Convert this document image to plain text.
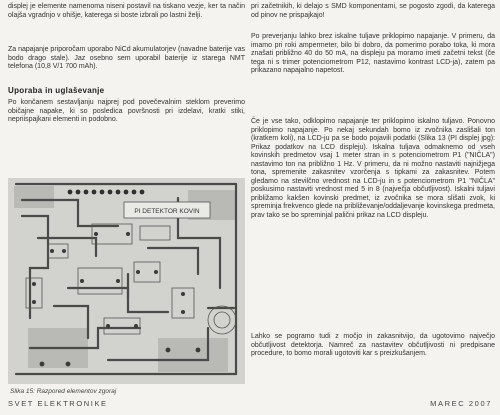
displej je elemente namenoma niseni postavil na tiskano vezje, ker ta način olajša vgradnjo v ohišje, katerega si boste izbrali po lastni želji.

Za napajanje priporočam uporabo NiCd akumulatorjev (navadne baterije vas bodo drago stale). Jaz osebno sem uporabil baterije iz starega NMT telefona (10,8 V/1 700 mAh).

Uporaba in uglaševanje

Po končanem sestavljanju najprej pod povečevalnim steklom preverimo običajne napake, ki so posledica površnosti pri izdelavi, kratki stiki, nepriispajkani elementi in podobno.

PI DETEKTOR KOVIN

Slika 15: Razpored elementov zgoraj

pri začetnikih, ki delajo s SMD komponentami, se pogosto zgodi, da katerega od pinov ne prispajkajo!

Po preverjanju lahko brez iskalne tuljave priklopimo napajanje. V primeru, da imamo pri roki ampermeter, bilo bi dobro, da pomerimo porabo toka, ki mora znašati približno 40 do 50 mA, na displeju pa moramo imeti začetni tekst (če tega ni s trimer potenciometrom P12, nastavimo kontrast LCD-ja), zatem pa prikazano napajalno napetost.

Če je vse tako, odklopimo napajanje ter priklopimo iskalno tuljavo. Ponovno priklopimo napajanje. Po nekaj sekundah bomo iz zvočnika zaslišali ton (kratkem koli), na LCD-ju pa se bodo pojavili podatki (Slika 13 (PI displej jpg): Prikaz podatkov na LCD displeju). Iskalna tuljava odmaknemo od vseh kovinskih predmetov vsaj 1 meter stran in s potenciometrom P1 ("NIČLA") nastavimo ton na približno 1 Hz. V primeru, da ni možno nastaviti najnižjega tona, spremenite zakasnitev vzorčenja s tipkami za zakasnitev. Potem gledamo na stevilčno vrednost na LCD-ju in s potenciometrom P1 "NIČLA" poskusimo nastaviti vrednost med 5 in 8 (največja občutljivost). Iskalni tuljavi približamo kakšen kovinski predmet, iz zvočnika se mora slišati zvok, ki spreminja frekvenco glede na približevanje/oddaljevanje kovinskega predmeta, prav tako se bo spreminjal palični prikaz na LCD displeju.

Lahko se pogramo tudi z močjo in zakasnitvijo, da ugotovimo največjo občutljivost detektorja. Namreč za nastavitev občutljivosti ni predpisane procedure, to bomo morali ugotoviti kar s preizkušanjem.

SVET ELEKTRONIKE	MAREC 2007
